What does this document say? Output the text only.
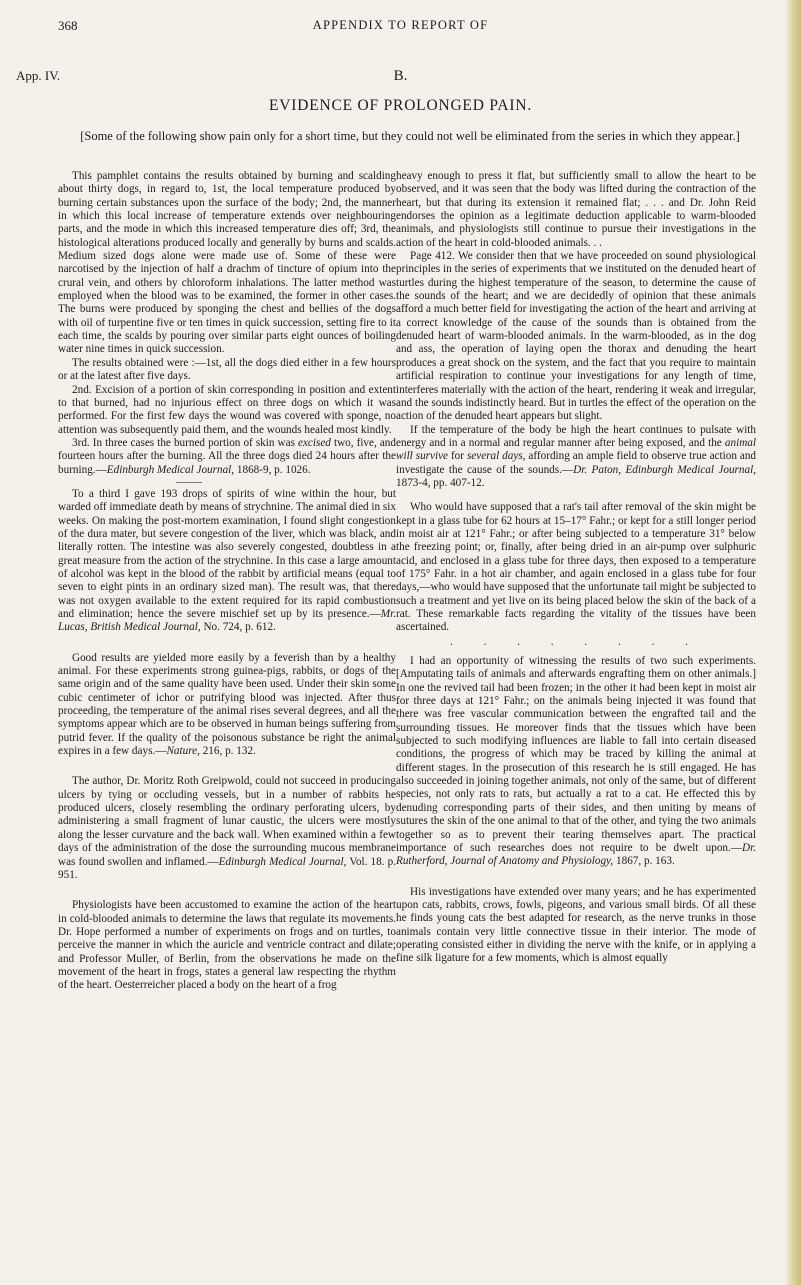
368	APPENDIX TO REPORT OF
App. IV.	B.
EVIDENCE OF PROLONGED PAIN.
[Some of the following show pain only for a short time, but they could not well be eliminated from the series in which they appear.]

This pamphlet contains the results obtained by burning and scalding about thirty dogs, in regard to, 1st, the local temperature produced by burning certain substances upon the surface of the body; 2nd, the manner in which this local increase of temperature extends over neighbouring parts, and the mode in which this increased temperature dies off; 3rd, the histological alterations produced locally and generally by burns and scalds. Medium sized dogs alone were made use of. Some of these were narcotised by the injection of half a drachm of tincture of opium into the crural vein, and others by chloroform inhalations. The latter method was employed when the blood was to be examined, the former in other cases. The burns were produced by sponging the chest and bellies of the dogs with oil of turpentine five or ten times in quick succession, setting fire to it each time, the scalds by pouring over similar parts eight ounces of boiling water nine times in quick succession.

The results obtained were :—1st, all the dogs died either in a few hours or at the latest after five days.

2nd. Excision of a portion of skin corresponding in position and extent to that burned, had no injurious effect on three dogs on which it was performed. For the first few days the wound was covered with sponge, no attention was subsequently paid them, and the wounds healed most kindly.

3rd. In three cases the burned portion of skin was excised two, five, and fourteen hours after the burning. All the three dogs died 24 hours after the burning.—Edinburgh Medical Journal, 1868-9, p. 1026.

To a third I gave 193 drops of spirits of wine within the hour, but warded off immediate death by means of strychnine. The animal died in six weeks. On making the post-mortem examination, I found slight congestion of the dura mater, but severe congestion of the liver, which was black, and literally rotten. The intestine was also severely congested, doubtless in a great measure from the action of the strychnine. In this case a large amount of alcohol was kept in the blood of the rabbit by artificial means (equal to seven to eight pints in an ordinary sized man). The result was, that there was not oxygen available to the extent required for its rapid combustion and elimination; hence the severe mischief set up by its presence.—Mr. Lucas, British Medical Journal, No. 724, p. 612.

Good results are yielded more easily by a feverish than by a healthy animal. For these experiments strong guinea-pigs, rabbits, or dogs of the same origin and of the same quality have been used. Under their skin some cubic centimeter of ichor or putrifying blood was injected. After thus proceeding, the temperature of the animal rises several degrees, and all the symptoms appear which are to be observed in human beings suffering from putrid fever. If the quality of the poisonous substance be right the animal expires in a few days.—Nature, 216, p. 132.

The author, Dr. Moritz Roth Greipwold, could not succeed in producing ulcers by tying or occluding vessels, but in a number of rabbits he produced ulcers, closely resembling the ordinary perforating ulcers, by administering a small fragment of lunar caustic, the ulcers were mostly along the lesser curvature and the back wall. When examined within a few days of the administration of the dose the surrounding mucous membrane was found swollen and inflamed.—Edinburgh Medical Journal, Vol. 18. p. 951.

Physiologists have been accustomed to examine the action of the heart in cold-blooded animals to determine the laws that regulate its movements. Dr. Hope performed a number of experiments on frogs and on turtles, to perceive the manner in which the auricle and ventricle contract and dilate; and Professor Muller, of Berlin, from the observations he made on the movement of the heart in frogs, states a general law respecting the rhythm of the heart. Oesterreicher placed a body on the heart of a frog

heavy enough to press it flat, but sufficiently small to allow the heart to be observed, and it was seen that the body was lifted during the contraction of the heart, but that during its extension it remained flat; . . . and Dr. John Reid endorses the opinion as a legitimate deduction applicable to warm-blooded animals, and physiologists still continue to pursue their investigations in the action of the heart in cold-blooded animals. . .

Page 412. We consider then that we have proceeded on sound physiological principles in the series of experiments that we instituted on the denuded heart of turtles during the highest temperature of the season, to determine the cause of the sounds of the heart; and we are decidedly of opinion that these animals afford a much better field for investigating the action of the heart and arriving at a correct knowledge of the cause of the sounds than is obtained from the denuded heart of warm-blooded animals. In the warm-blooded, as in the dog and ass, the operation of laying open the thorax and denuding the heart produces a great shock on the system, and the fact that you require to maintain artificial respiration to continue your investigations for any length of time, interferes materially with the action of the heart, rendering it weak and irregular, and the sounds indistinctly heard. But in turtles the effect of the operation on the action of the denuded heart appears but slight.

If the temperature of the body be high the heart continues to pulsate with energy and in a normal and regular manner after being exposed, and the animal will survive for several days, affording an ample field to observe true action and investigate the cause of the sounds.—Dr. Paton, Edinburgh Medical Journal, 1873-4, pp. 407-12.

Who would have supposed that a rat's tail after removal of the skin might be kept in a glass tube for 62 hours at 15–17° Fahr.; or kept for a still longer period in moist air at 121° Fahr.; or after being subjected to a temperature 31° below the freezing point; or, finally, after being dried in an air-pump over sulphuric acid, and enclosed in a glass tube for three days, then exposed to a temperature of 175° Fahr. in a hot air chamber, and again enclosed in a glass tube for four days,—who would have supposed that the unfortunate tail might be subjected to such a treatment and yet live on its being placed below the skin of the back of a rat. These remarkable facts regarding the vitality of the tissues have been ascertained.

. . . . . . . .

I had an opportunity of witnessing the results of two such experiments. [Amputating tails of animals and afterwards engrafting them on other animals.] In one the revived tail had been frozen; in the other it had been kept in moist air for three days at 121° Fahr.; on the animals being injected it was found that there was free vascular communication between the engrafted tail and the surrounding tissues. He moreover finds that the tissues which have been subjected to such modifying influences are liable to fall into certain diseased conditions, the progress of which may be traced by killing the animal at different stages. In the prosecution of this research he is still engaged. He has also succeeded in joining together animals, not only of the same, but of different species, not only rats to rats, but actually a rat to a cat. He effected this by denuding corresponding parts of their sides, and then uniting by means of sutures the skin of the one animal to that of the other, and tying the two animals together so as to prevent their tearing themselves apart. The practical importance of such researches does not require to be dwelt upon.—Dr. Rutherford, Journal of Anatomy and Physiology, 1867, p. 163.

His investigations have extended over many years; and he has experimented upon cats, rabbits, crows, fowls, pigeons, and various small birds. Of all these he finds young cats the best adapted for research, as the nerve trunks in those animals contain very little connective tissue in their interior. The mode of operating consisted either in dividing the nerve with the knife, or in applying a fine silk ligature for a few moments, which is almost equally
